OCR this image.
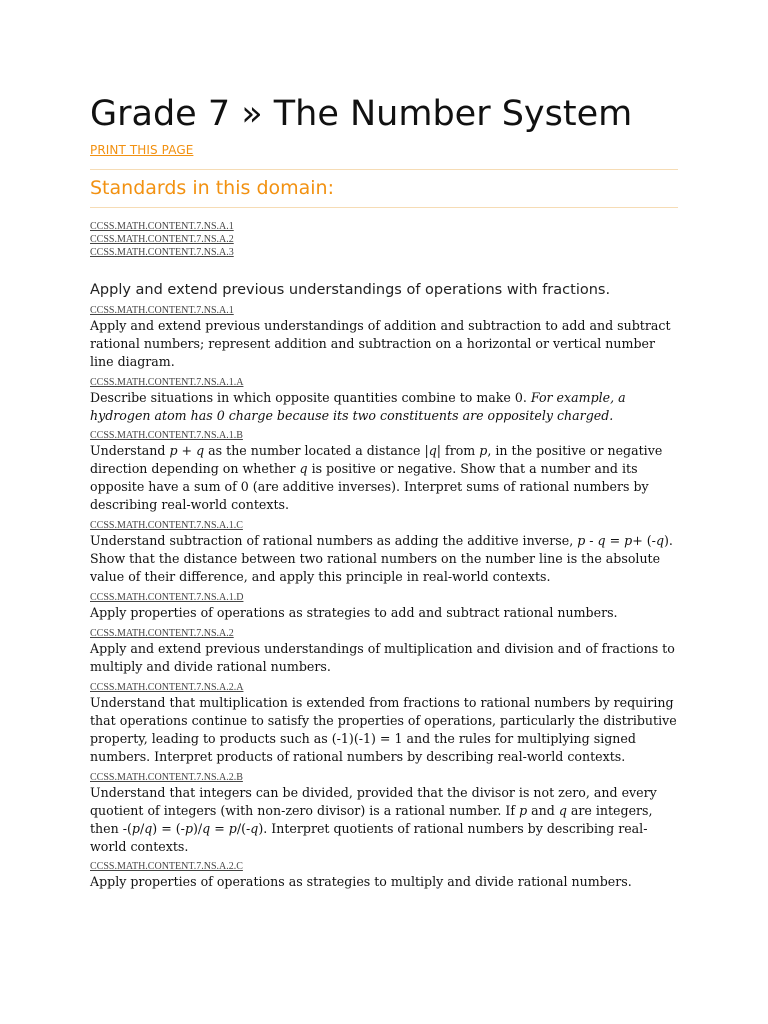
Grade 7 » The Number System
PRINT THIS PAGE
Standards in this domain:
CCSS.MATH.CONTENT.7.NS.A.1
CCSS.MATH.CONTENT.7.NS.A.2
CCSS.MATH.CONTENT.7.NS.A.3
Apply and extend previous understandings of operations with fractions.
CCSS.MATH.CONTENT.7.NS.A.1

Apply and extend previous understandings of addition and subtraction to add and subtract rational numbers; represent addition and subtraction on a horizontal or vertical number line diagram.

CCSS.MATH.CONTENT.7.NS.A.1.A

Describe situations in which opposite quantities combine to make 0. For example, a hydrogen atom has 0 charge because its two constituents are oppositely charged.

CCSS.MATH.CONTENT.7.NS.A.1.B

Understand p + q as the number located a distance |q| from p, in the positive or negative direction depending on whether q is positive or negative. Show that a number and its opposite have a sum of 0 (are additive inverses). Interpret sums of rational numbers by describing real-world contexts.

CCSS.MATH.CONTENT.7.NS.A.1.C

Understand subtraction of rational numbers as adding the additive inverse, p - q = p+ (-q). Show that the distance between two rational numbers on the number line is the absolute value of their difference, and apply this principle in real-world contexts.

CCSS.MATH.CONTENT.7.NS.A.1.D

Apply properties of operations as strategies to add and subtract rational numbers.

CCSS.MATH.CONTENT.7.NS.A.2

Apply and extend previous understandings of multiplication and division and of fractions to multiply and divide rational numbers.

CCSS.MATH.CONTENT.7.NS.A.2.A

Understand that multiplication is extended from fractions to rational numbers by requiring that operations continue to satisfy the properties of operations, particularly the distributive property, leading to products such as (-1)(-1) = 1 and the rules for multiplying signed numbers. Interpret products of rational numbers by describing real-world contexts.

CCSS.MATH.CONTENT.7.NS.A.2.B

Understand that integers can be divided, provided that the divisor is not zero, and every quotient of integers (with non-zero divisor) is a rational number. If p and q are integers, then -(p/q) = (-p)/q = p/(-q). Interpret quotients of rational numbers by describing real-world contexts.

CCSS.MATH.CONTENT.7.NS.A.2.C

Apply properties of operations as strategies to multiply and divide rational numbers.
